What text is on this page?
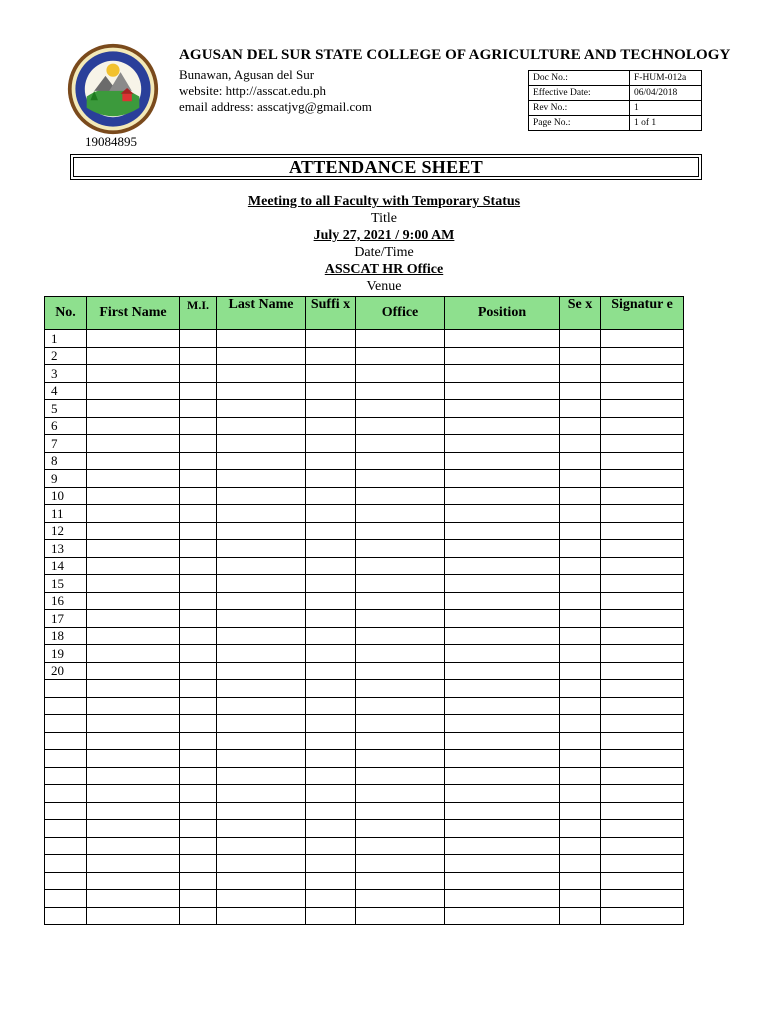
AGUSAN DEL SUR STATE COLLEGE OF AGRICULTURE AND TECHNOLOGY
Bunawan, Agusan del Sur
website: http://asscat.edu.ph
email address: asscatjvg@gmail.com
19084895
Doc No.:	F-HUM-012a
Effective Date:	06/04/2018
Rev No.:	1
Page No.:	1 of 1
ATTENDANCE SHEET
Meeting to all Faculty with Temporary Status
Title
July 27, 2021 / 9:00 AM
Date/Time
ASSCAT HR Office
Venue
No.	First Name	M.I.	Last Name	Suffi x	Office	Position	Se x	Signatur e
1								
2								
3								
4								
5								
6								
7								
8								
9								
10								
11								
12								
13								
14								
15								
16								
17								
18								
19								
20								
